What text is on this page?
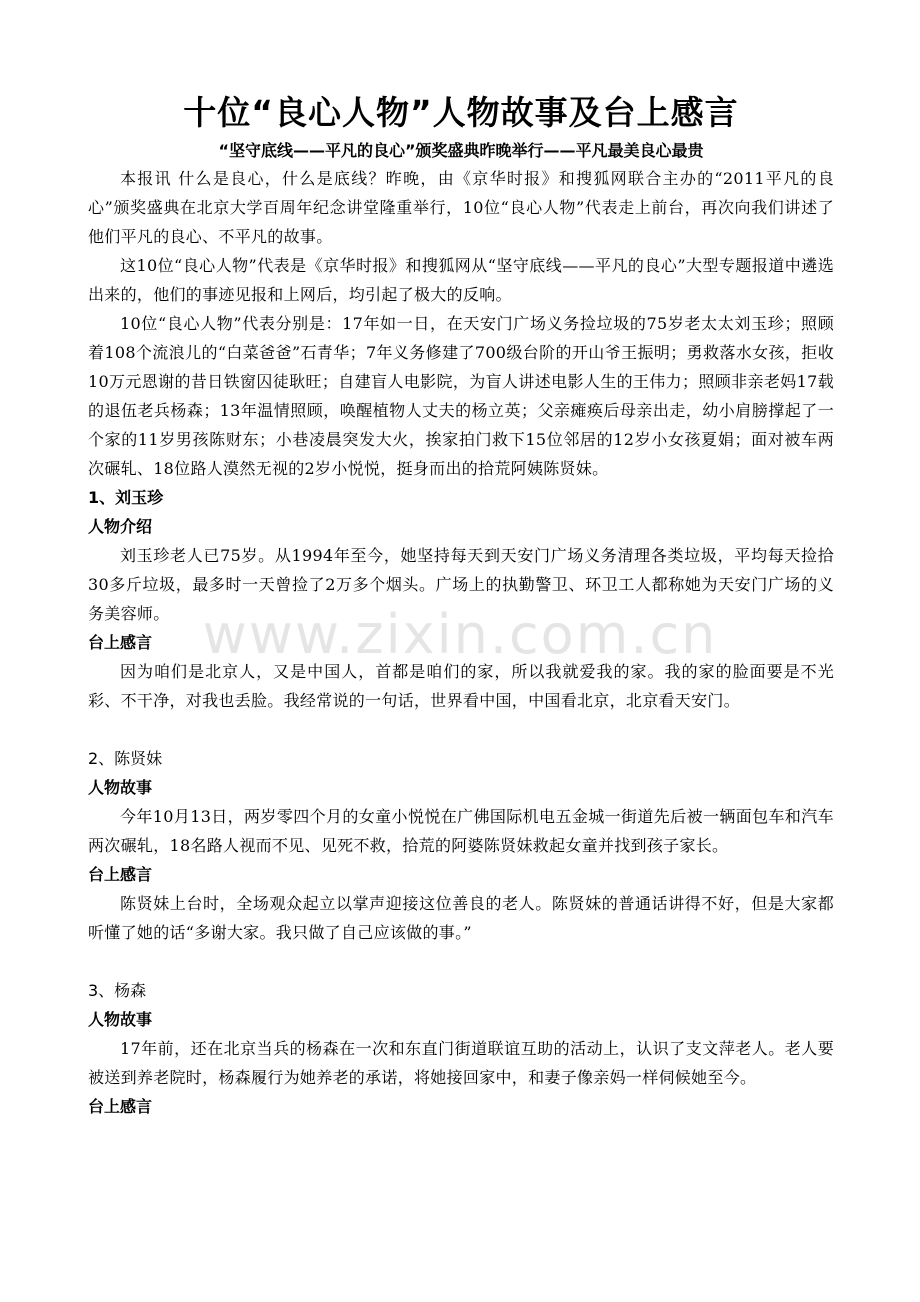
十位“良心人物”人物故事及台上感言
“坚守底线——平凡的良心”颁奖盛典昨晚举行——平凡最美良心最贵

本报讯 什么是良心，什么是底线？昨晚，由《京华时报》和搜狐网联合主办的“2011平凡的良心”颁奖盛典在北京大学百周年纪念讲堂隆重举行，10位“良心人物”代表走上前台，再次向我们讲述了他们平凡的良心、不平凡的故事。

这10位“良心人物”代表是《京华时报》和搜狐网从“坚守底线——平凡的良心”大型专题报道中遴选出来的，他们的事迹见报和上网后，均引起了极大的反响。

10位“良心人物”代表分别是：17年如一日，在天安门广场义务捡垃圾的75岁老太太刘玉珍；照顾着108个流浪儿的“白菜爸爸”石青华；7年义务修建了700级台阶的开山爷王振明；勇救落水女孩，拒收10万元恩谢的昔日铁窗囚徒耿旺；自建盲人电影院，为盲人讲述电影人生的王伟力；照顾非亲老妈17载的退伍老兵杨森；13年温情照顾，唤醒植物人丈夫的杨立英；父亲瘫痪后母亲出走，幼小肩膀撑起了一个家的11岁男孩陈财东；小巷凌晨突发大火，挨家拍门救下15位邻居的12岁小女孩夏娟；面对被车两次碾轧、18位路人漠然无视的2岁小悦悦，挺身而出的拾荒阿姨陈贤妹。

1、刘玉珍
人物介绍

刘玉珍老人已75岁。从1994年至今，她坚持每天到天安门广场义务清理各类垃圾，平均每天捡拾30多斤垃圾，最多时一天曾捡了2万多个烟头。广场上的执勤警卫、环卫工人都称她为天安门广场的义务美容师。

台上感言

因为咱们是北京人，又是中国人，首都是咱们的家，所以我就爱我的家。我的家的脸面要是不光彩、不干净，对我也丢脸。我经常说的一句话，世界看中国，中国看北京，北京看天安门。

2、陈贤妹
人物故事

今年10月13日，两岁零四个月的女童小悦悦在广佛国际机电五金城一街道先后被一辆面包车和汽车两次碾轧，18名路人视而不见、见死不救，拾荒的阿婆陈贤妹救起女童并找到孩子家长。

台上感言

陈贤妹上台时，全场观众起立以掌声迎接这位善良的老人。陈贤妹的普通话讲得不好，但是大家都听懂了她的话“多谢大家。我只做了自己应该做的事。”

3、杨森
人物故事

17年前，还在北京当兵的杨森在一次和东直门街道联谊互助的活动上，认识了支文萍老人。老人要被送到养老院时，杨森履行为她养老的承诺，将她接回家中，和妻子像亲妈一样伺候她至今。

台上感言
www.zixin.com.cn
